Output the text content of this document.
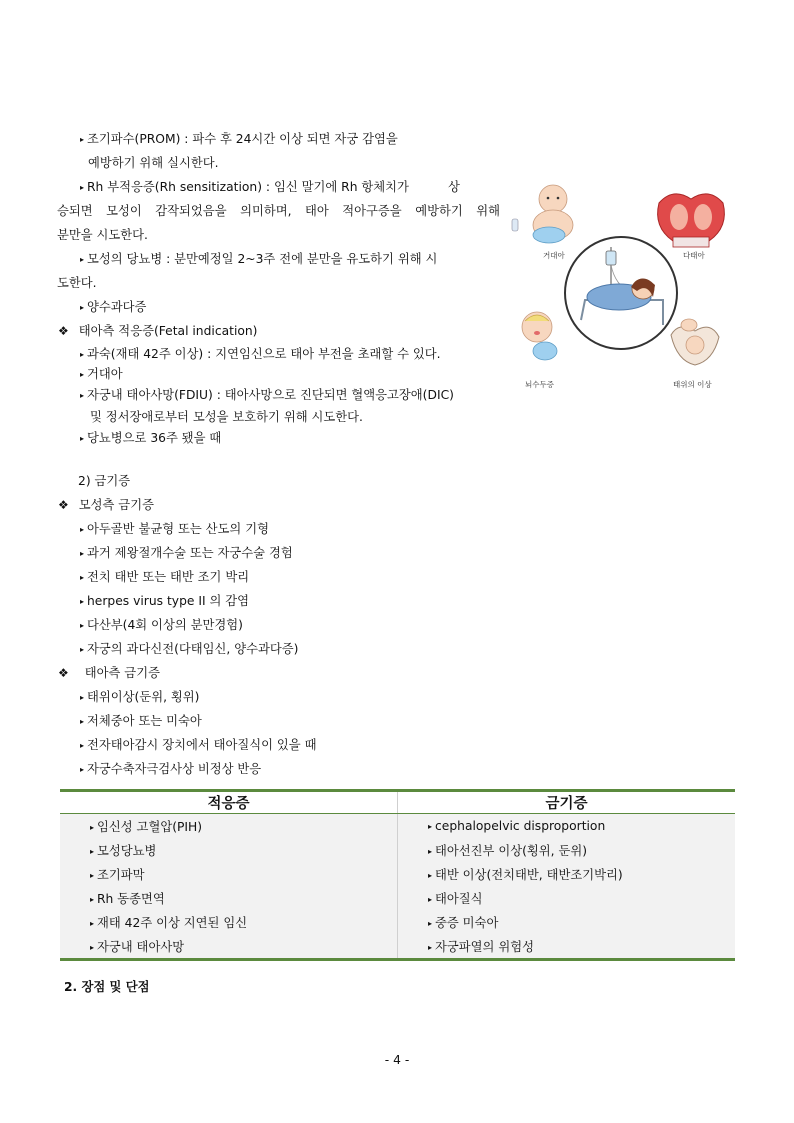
▸ 조기파수(PROM) : 파수 후 24시간 이상 되면 자궁 감염을
예방하기 위해 실시한다.
▸ Rh 부적응증(Rh sensitization) : 임신 말기에 Rh 항체치가          상
승되면 모성이 감작되었음을 의미하며, 태아 적아구증을 예방하기 위해
분만을 시도한다.
▸ 모성의 당뇨병 : 분만예정일 2~3주 전에 분만을 유도하기 위해 시
도한다.
▸ 양수과다증
❖ 태아측 적응증(Fetal indication)
▸ 과숙(재태 42주 이상) : 지연임신으로 태아 부전을 초래할 수 있다.
▸ 거대아
▸ 자궁내 태아사망(FDIU) : 태아사망으로 진단되면 혈액응고장애(DIC)
및 정서장애로부터 모성을 보호하기 위해 시도한다.
▸ 당뇨병으로 36주 됐을 때
2) 금기증
❖ 모성측 금기증
▸ 아두골반 불균형 또는 산도의 기형
▸ 과거 제왕절개수술 또는 자궁수술 경험
▸ 전치 태반 또는 태반 조기 박리
▸ herpes virus type II 의 감염
▸ 다산부(4회 이상의 분만경험)
▸ 자궁의 과다신전(다태임신, 양수과다증)
❖ 태아측 금기증
▸ 태위이상(둔위, 횡위)
▸ 저체중아 또는 미숙아
▸ 전자태아감시 장치에서 태아질식이 있을 때
▸ 자궁수축자극검사상 비정상 반응
거대아	다태아
뇌수두증	태위의 이상
적응증	금기증
▸ 임신성 고혈압(PIH)	▸ cephalopelvic disproportion
▸ 모성당뇨병	▸ 태아선진부 이상(횡위, 둔위)
▸ 조기파막	▸ 태반 이상(전치태반, 태반조기박리)
▸ Rh 동종면역	▸ 태아질식
▸ 재태 42주 이상 지연된 임신	▸ 중증 미숙아
▸ 자궁내 태아사망	▸ 자궁파열의 위험성
2. 장점 및 단점
- 4 -
